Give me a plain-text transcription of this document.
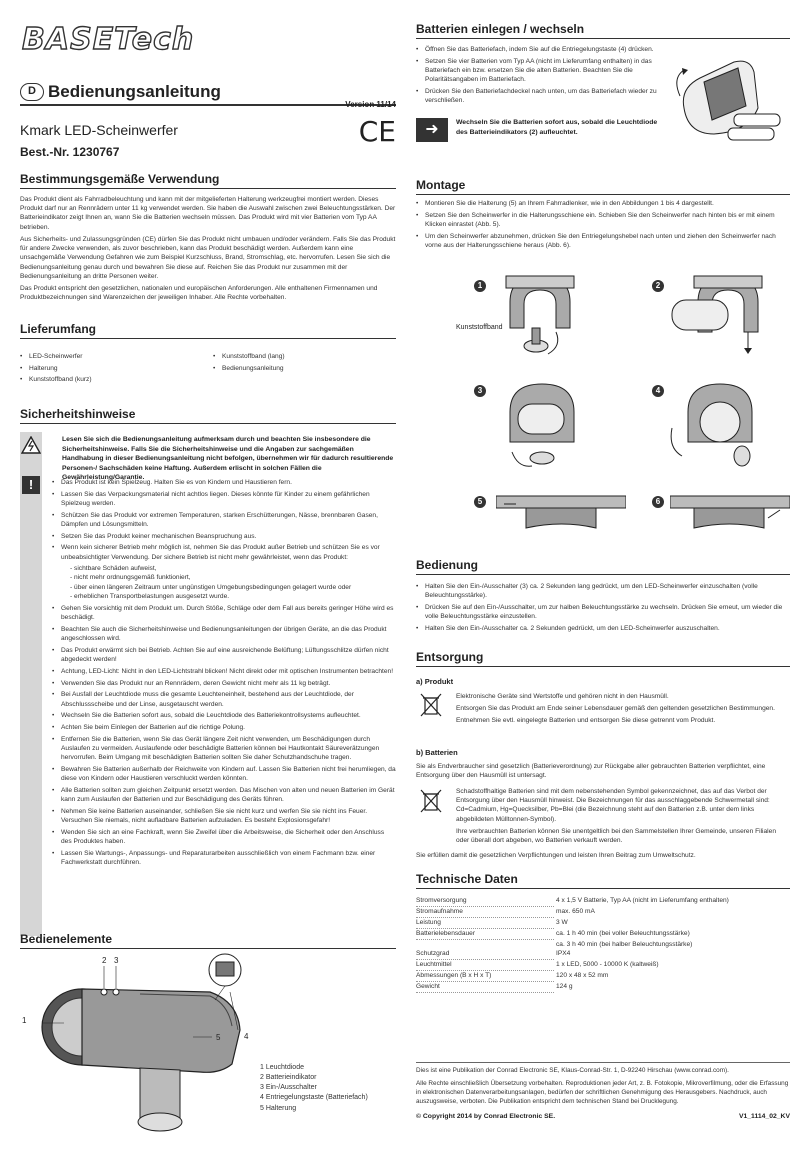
BASETech
D Bedienungsanleitung
Version 11/14
CE
Kmark LED-Scheinwerfer
Best.-Nr. 1230767
Bestimmungsgemäße Verwendung

Das Produkt dient als Fahrradbeleuchtung und kann mit der mitgelieferten Halterung werkzeugfrei montiert werden. Dieses Produkt darf nur an Rennrädern unter 11 kg verwendet werden. Sie haben die Auswahl zwischen zwei Beleuchtungsstärken. Der Batterieindikator zeigt Ihnen an, wann Sie die Batterien wechseln müssen. Das Produkt wird mit vier Batterien vom Typ AA betrieben.

Aus Sicherheits- und Zulassungsgründen (CE) dürfen Sie das Produkt nicht umbauen und/oder verändern. Falls Sie das Produkt für andere Zwecke verwenden, als zuvor beschrieben, kann das Produkt beschädigt werden. Außerdem kann eine unsachgemäße Verwendung Gefahren wie zum Beispiel Kurzschluss, Brand, Stromschlag, etc. hervorrufen. Lesen Sie sich die Bedienungsanleitung genau durch und bewahren Sie diese auf. Reichen Sie das Produkt nur zusammen mit der Bedienungsanleitung an dritte Personen weiter.

Das Produkt entspricht den gesetzlichen, nationalen und europäischen Anforderungen. Alle enthaltenen Firmennamen und Produktbezeichnungen sind Warenzeichen der jeweiligen Inhaber. Alle Rechte vorbehalten.

Lieferumfang
• LED-Scheinwerfer	• Kunststoffband (lang)
• Halterung	• Bedienungsanleitung
• Kunststoffband (kurz)
Sicherheitshinweise
!
Lesen Sie sich die Bedienungsanleitung aufmerksam durch und beachten Sie insbesondere die Sicherheitshinweise. Falls Sie die Sicherheitshinweise und die Angaben zur sachgemäßen Handhabung in dieser Bedienungsanleitung nicht befolgen, übernehmen wir für dadurch resultierende Personen-/ Sachschäden keine Haftung. Außerdem erlischt in solchen Fällen die Gewährleistung/Garantie.
• Das Produkt ist kein Spielzeug. Halten Sie es von Kindern und Haustieren fern.
• Lassen Sie das Verpackungsmaterial nicht achtlos liegen. Dieses könnte für Kinder zu einem gefährlichen Spielzeug werden.
• Schützen Sie das Produkt vor extremen Temperaturen, starken Erschütterungen, Nässe, brennbaren Gasen, Dämpfen und Lösungsmitteln.
• Setzen Sie das Produkt keiner mechanischen Beanspruchung aus.
• Wenn kein sicherer Betrieb mehr möglich ist, nehmen Sie das Produkt außer Betrieb und schützen Sie es vor unbeabsichtigter Verwendung. Der sichere Betrieb ist nicht mehr gewährleistet, wenn das Produkt:
- sichtbare Schäden aufweist,
- nicht mehr ordnungsgemäß funktioniert,
- über einen längeren Zeitraum unter ungünstigen Umgebungsbedingungen gelagert wurde oder
- erheblichen Transportbelastungen ausgesetzt wurde.
• Gehen Sie vorsichtig mit dem Produkt um. Durch Stöße, Schläge oder dem Fall aus bereits geringer Höhe wird es beschädigt.
• Beachten Sie auch die Sicherheitshinweise und Bedienungsanleitungen der übrigen Geräte, an die das Produkt angeschlossen wird.
• Das Produkt erwärmt sich bei Betrieb. Achten Sie auf eine ausreichende Belüftung; Lüftungsschlitze dürfen nicht abgedeckt werden!
• Achtung, LED-Licht: Nicht in den LED-Lichtstrahl blicken! Nicht direkt oder mit optischen Instrumenten betrachten!
• Verwenden Sie das Produkt nur an Rennrädern, deren Gewicht nicht mehr als 11 kg beträgt.
• Bei Ausfall der Leuchtdiode muss die gesamte Leuchteneinheit, bestehend aus der Leuchtdiode, der Abschlussscheibe und der Linse, ausgetauscht werden.
• Wechseln Sie die Batterien sofort aus, sobald die Leuchtdiode des Batteriekontrollsystems aufleuchtet.
• Achten Sie beim Einlegen der Batterien auf die richtige Polung.
• Entfernen Sie die Batterien, wenn Sie das Gerät längere Zeit nicht verwenden, um Beschädigungen durch Auslaufen zu vermeiden. Auslaufende oder beschädigte Batterien können bei Hautkontakt Säureverätzungen hervorrufen. Beim Umgang mit beschädigten Batterien sollten Sie daher Schutzhandschuhe tragen.
• Bewahren Sie Batterien außerhalb der Reichweite von Kindern auf. Lassen Sie Batterien nicht frei herumliegen, da diese von Kindern oder Haustieren verschluckt werden könnten.
• Alle Batterien sollten zum gleichen Zeitpunkt ersetzt werden. Das Mischen von alten und neuen Batterien im Gerät kann zum Auslaufen der Batterien und zur Beschädigung des Geräts führen.
• Nehmen Sie keine Batterien auseinander, schließen Sie sie nicht kurz und werfen Sie sie nicht ins Feuer. Versuchen Sie niemals, nicht aufladbare Batterien aufzuladen. Es besteht Explosionsgefahr!
• Wenden Sie sich an eine Fachkraft, wenn Sie Zweifel über die Arbeitsweise, die Sicherheit oder den Anschluss des Produktes haben.
• Lassen Sie Wartungs-, Anpassungs- und Reparaturarbeiten ausschließlich von einem Fachmann bzw. einer Fachwerkstatt durchführen.
Bedienelemente
1
2 3
4
5
1 Leuchtdiode
2 Batterieindikator
3 Ein-/Ausschalter
4 Entriegelungstaste (Batteriefach)
5 Halterung
Batterien einlegen / wechseln
• Öffnen Sie das Batteriefach, indem Sie auf die Entriegelungstaste (4) drücken.
• Setzen Sie vier Batterien vom Typ AA (nicht im Lieferumfang enthalten) in das Batteriefach ein bzw. ersetzen Sie die alten Batterien. Beachten Sie die Polaritätsangaben im Batteriefach.
• Drücken Sie den Batteriefachdeckel nach unten, um das Batteriefach wieder zu verschließen.
➜	Wechseln Sie die Batterien sofort aus, sobald die Leuchtdiode des Batterieindikators (2) aufleuchtet.
Montage
• Montieren Sie die Halterung (5) an Ihrem Fahrradlenker, wie in den Abbildungen 1 bis 4 dargestellt.
• Setzen Sie den Scheinwerfer in die Halterungsschiene ein. Schieben Sie den Scheinwerfer nach hinten bis er mit einem Klicken einrastet (Abb. 5).
• Um den Scheinwerfer abzunehmen, drücken Sie den Entriegelungshebel nach unten und ziehen den Scheinwerfer nach vorne aus der Halterungsschiene heraus (Abb. 6).
1	2
3	4
5	6
Kunststoffband
Bedienung
• Halten Sie den Ein-/Ausschalter (3) ca. 2 Sekunden lang gedrückt, um den LED-Scheinwerfer einzuschalten (volle Beleuchtungsstärke).
• Drücken Sie auf den Ein-/Ausschalter, um zur halben Beleuchtungsstärke zu wechseln. Drücken Sie erneut, um wieder die volle Beleuchtungsstärke einzustellen.
• Halten Sie den Ein-/Ausschalter ca. 2 Sekunden gedrückt, um den LED-Scheinwerfer auszuschalten.
Entsorgung
a) Produkt

Elektronische Geräte sind Wertstoffe und gehören nicht in den Hausmüll.

Entsorgen Sie das Produkt am Ende seiner Lebensdauer gemäß den geltenden gesetzlichen Bestimmungen.

Entnehmen Sie evtl. eingelegte Batterien und entsorgen Sie diese getrennt vom Produkt.

b) Batterien
Sie als Endverbraucher sind gesetzlich (Batterieverordnung) zur Rückgabe aller gebrauchten Batterien verpflichtet, eine Entsorgung über den Hausmüll ist untersagt.
Schadstoffhaltige Batterien sind mit dem nebenstehenden Symbol gekennzeichnet, das auf das Verbot der Entsorgung über den Hausmüll hinweist. Die Bezeichnungen für das ausschlaggebende Schwermetall sind: Cd=Cadmium, Hg=Quecksilber, Pb=Blei (die Bezeichnung steht auf den Batterien z.B. unter dem links abgebildeten Mülltonnen-Symbol).
Ihre verbrauchten Batterien können Sie unentgeltlich bei den Sammelstellen Ihrer Gemeinde, unseren Filialen oder überall dort abgeben, wo Batterien verkauft werden.
Sie erfüllen damit die gesetzlichen Verpflichtungen und leisten Ihren Beitrag zum Umweltschutz.
Technische Daten
Stromversorgung	4 x 1,5 V Batterie, Typ AA (nicht im Lieferumfang enthalten)
Stromaufnahme	max. 650 mA
Leistung	3 W
Batterielebensdauer	ca. 1 h 40 min (bei voller Beleuchtungsstärke)
ca. 3 h 40 min (bei halber Beleuchtungsstärke)
Schutzgrad	IPX4
Leuchtmittel	1 x LED, 5000 - 10000 K (kaltweiß)
Abmessungen (B x H x T)	120 x 48 x 52 mm
Gewicht	124 g
Dies ist eine Publikation der Conrad Electronic SE, Klaus-Conrad-Str. 1, D-92240 Hirschau (www.conrad.com).
Alle Rechte einschließlich Übersetzung vorbehalten. Reproduktionen jeder Art, z. B. Fotokopie, Mikroverfilmung, oder die Erfassung in elektronischen Datenverarbeitungsanlagen, bedürfen der schriftlichen Genehmigung des Herausgebers. Nachdruck, auch auszugsweise, verboten. Die Publikation entspricht dem technischen Stand bei Drucklegung.
© Copyright 2014 by Conrad Electronic SE.	V1_1114_02_KV
